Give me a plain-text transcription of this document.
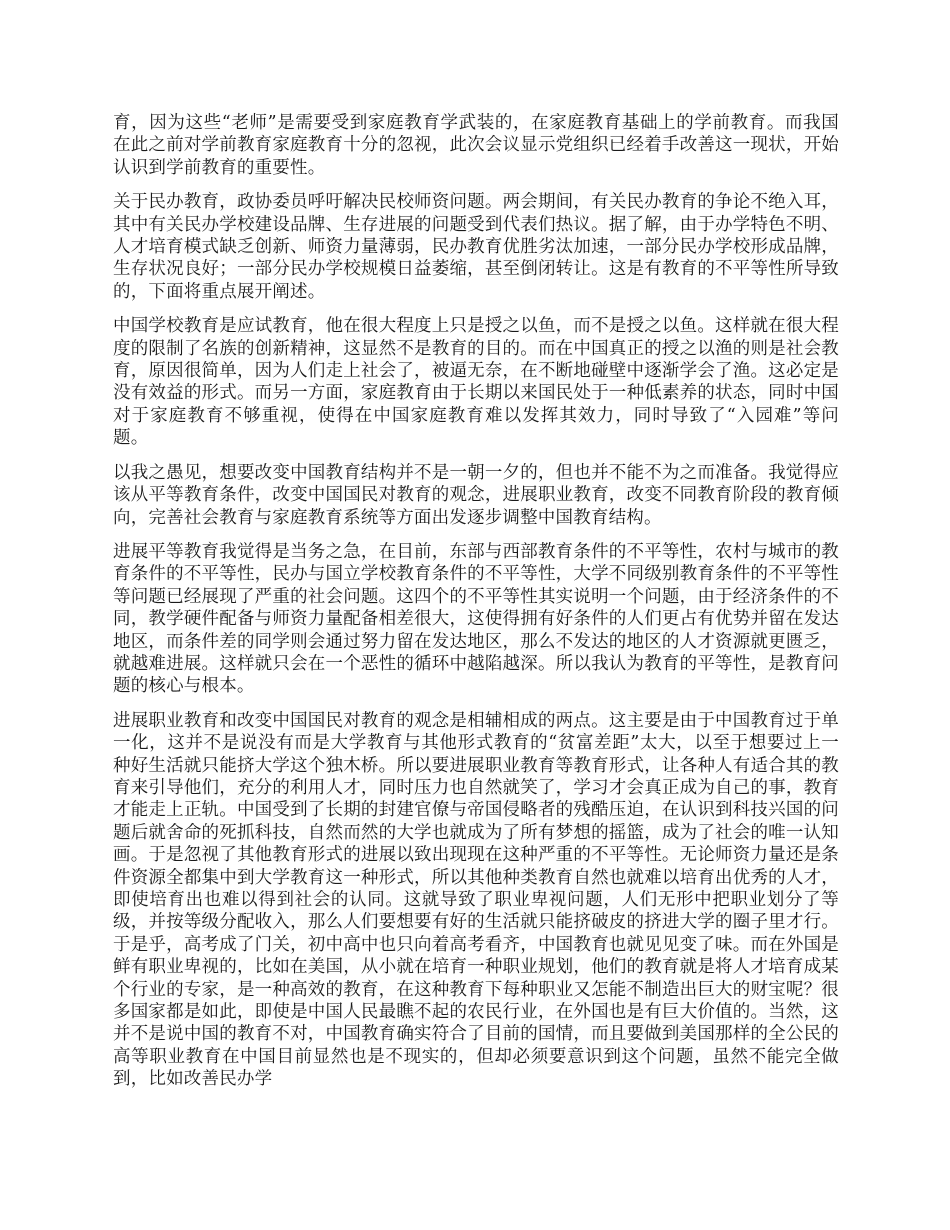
育，因为这些“老师”是需要受到家庭教育学武装的，在家庭教育基础上的学前教育。而我国在此之前对学前教育家庭教育十分的忽视，此次会议显示党组织已经着手改善这一现状，开始认识到学前教育的重要性。

关于民办教育，政协委员呼吁解决民校师资问题。两会期间，有关民办教育的争论不绝入耳，其中有关民办学校建设品牌、生存进展的问题受到代表们热议。据了解，由于办学特色不明、人才培育模式缺乏创新、师资力量薄弱，民办教育优胜劣汰加速，一部分民办学校形成品牌，生存状况良好；一部分民办学校规模日益萎缩，甚至倒闭转让。这是有教育的不平等性所导致的，下面将重点展开阐述。

中国学校教育是应试教育，他在很大程度上只是授之以鱼，而不是授之以鱼。这样就在很大程度的限制了名族的创新精神，这显然不是教育的目的。而在中国真正的授之以渔的则是社会教育，原因很简单，因为人们走上社会了，被逼无奈，在不断地碰壁中逐渐学会了渔。这必定是没有效益的形式。而另一方面，家庭教育由于长期以来国民处于一种低素养的状态，同时中国对于家庭教育不够重视，使得在中国家庭教育难以发挥其效力，同时导致了“入园难”等问题。

以我之愚见，想要改变中国教育结构并不是一朝一夕的，但也并不能不为之而准备。我觉得应该从平等教育条件，改变中国国民对教育的观念，进展职业教育，改变不同教育阶段的教育倾向，完善社会教育与家庭教育系统等方面出发逐步调整中国教育结构。

进展平等教育我觉得是当务之急，在目前，东部与西部教育条件的不平等性，农村与城市的教育条件的不平等性，民办与国立学校教育条件的不平等性，大学不同级别教育条件的不平等性等问题已经展现了严重的社会问题。这四个的不平等性其实说明一个问题，由于经济条件的不同，教学硬件配备与师资力量配备相差很大，这使得拥有好条件的人们更占有优势并留在发达地区，而条件差的同学则会通过努力留在发达地区，那么不发达的地区的人才资源就更匮乏，就越难进展。这样就只会在一个恶性的循环中越陷越深。所以我认为教育的平等性，是教育问题的核心与根本。

进展职业教育和改变中国国民对教育的观念是相辅相成的两点。这主要是由于中国教育过于单一化，这并不是说没有而是大学教育与其他形式教育的“贫富差距”太大，以至于想要过上一种好生活就只能挤大学这个独木桥。所以要进展职业教育等教育形式，让各种人有适合其的教育来引导他们，充分的利用人才，同时压力也自然就笑了，学习才会真正成为自己的事，教育才能走上正轨。中国受到了长期的封建官僚与帝国侵略者的残酷压迫，在认识到科技兴国的问题后就舍命的死抓科技，自然而然的大学也就成为了所有梦想的摇篮，成为了社会的唯一认知画。于是忽视了其他教育形式的进展以致出现现在这种严重的不平等性。无论师资力量还是条件资源全都集中到大学教育这一种形式，所以其他种类教育自然也就难以培育出优秀的人才，即使培育出也难以得到社会的认同。这就导致了职业卑视问题，人们无形中把职业划分了等级，并按等级分配收入，那么人们要想要有好的生活就只能挤破皮的挤进大学的圈子里才行。于是乎，高考成了门关，初中高中也只向着高考看齐，中国教育也就见见变了味。而在外国是鲜有职业卑视的，比如在美国，从小就在培育一种职业规划，他们的教育就是将人才培育成某个行业的专家，是一种高效的教育，在这种教育下每种职业又怎能不制造出巨大的财宝呢？很多国家都是如此，即使是中国人民最瞧不起的农民行业，在外国也是有巨大价值的。当然，这并不是说中国的教育不对，中国教育确实符合了目前的国情，而且要做到美国那样的全公民的高等职业教育在中国目前显然也是不现实的，但却必须要意识到这个问题，虽然不能完全做到，比如改善民办学
